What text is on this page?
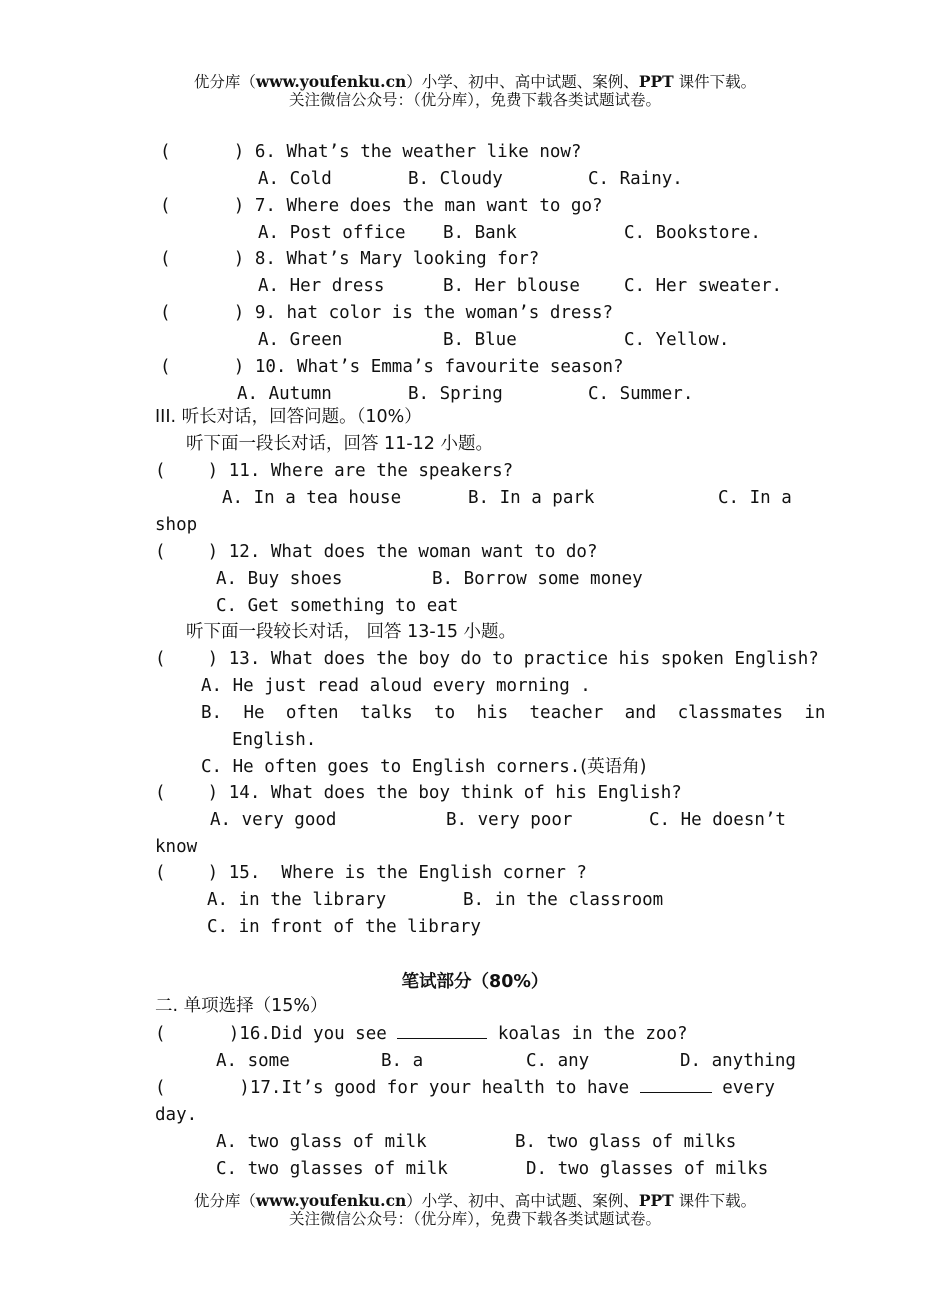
优分库（www.youfenku.cn）小学、初中、高中试题、案例、PPT 课件下载。
关注微信公众号：（优分库），免费下载各类试题试卷。
(      ) 6. What’s the weather like now?
A. Cold	B. Cloudy	C. Rainy.
(      ) 7. Where does the man want to go?
A. Post office B. Bank	C. Bookstore.
(      ) 8. What’s Mary looking for?
A. Her dress	B. Her blouse	C. Her sweater.
(      ) 9. hat color is the woman’s dress?
A. Green	B. Blue	C. Yellow.
(      ) 10. What’s Emma’s favourite season?
A. Autumn	B. Spring	C. Summer.
III. 听长对话，回答问题。（10%）
听下面一段长对话，回答 11-12 小题。
(    ) 11. Where are the speakers?
A. In a tea house	B. In a park	C. In a
shop
(    ) 12. What does the woman want to do?
A. Buy shoes	B. Borrow some money
C. Get something to eat
听下面一段较长对话， 回答 13-15 小题。
(    ) 13. What does the boy do to practice his spoken English?
A. He just read aloud every morning .
B. He often talks to his teacher and classmates in
English.
C. He often goes to English corners.(英语角)
(    ) 14. What does the boy think of his English?
A. very good	B. very poor	C. He doesn’t
know
(    ) 15.  Where is the English corner ?
A. in the library	B. in the classroom
C. in front of the library
笔试部分（80%）
二. 单项选择（15%）
(      )16.Did you see	koalas in the zoo?
A. some	B. a	C. any	D. anything
(       )17.It’s good for your health to have	every
day.
A. two glass of milk	B. two glass of milks
C. two glasses of milk	D. two glasses of milks
优分库（www.youfenku.cn）小学、初中、高中试题、案例、PPT 课件下载。
关注微信公众号：（优分库），免费下载各类试题试卷。
